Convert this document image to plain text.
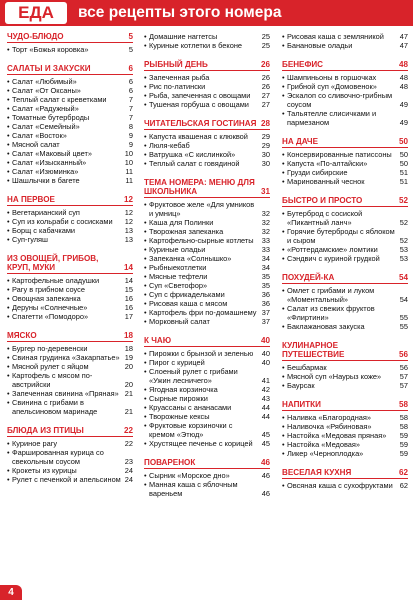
ЕДА	все рецепты этого номера
ЧУДО-БЛЮДО	5
• Торт «Божья коровка»	5
САЛАТЫ И ЗАКУСКИ	6
• Салат «Любимый»	6
• Салат «От Оксаны»	6
• Теплый салат с креветками	7
• Салат «Радужный»	7
• Томатные бутерброды	7
• Салат «Семейный»	8
• Салат «Восток»	9
• Мясной салат	9
• Салат «Маковый цвет»	10
• Салат «Изысканный»	10
• Салат «Изюминка»	11
• Шашлычки в багете	11
НА ПЕРВОЕ	12
• Вегетарианский суп	12
• Суп из кольраби с сосисками	12
• Борщ с кабачками	13
• Суп-гуляш	13
ИЗ ОВОЩЕЙ, ГРИБОВ, КРУП, МУКИ	14
• Картофельные оладушки	14
• Рагу в грибном соусе	15
• Овощная запеканка	16
• Деруны «Солнечные»	16
• Спагетти «Помодоро»	17
МЯСКО	18
• Бургер по-деревенски	18
• Свиная грудинка «Закарпатье» 19
• Мясной рулет с яйцом	20
• Картофель с мясом по-австрийски	20
• Запеченная свинина «Пряная» 21
• Свинина с грибами в апельсиновом маринаде	21
БЛЮДА ИЗ ПТИЦЫ	22
• Куриное рагу	22
• Фаршированная курица со свекольным соусом	23
• Крокеты из курицы	24
• Рулет с печенкой и апельсином 24
• Домашние наггетсы	25
• Куриные котлетки в беконе	25
РЫБНЫЙ ДЕНЬ	26
• Запеченная рыба	26
• Рис по-латински	26
• Рыба, запеченная с овощами	27
• Тушеная горбуша с овощами	27
ЧИТАТЕЛЬСКАЯ ГОСТИНАЯ 28
• Капуста квашеная с клюквой	29
• Люля-кебаб	29
• Ватрушка «С кислинкой»	30
• Теплый салат с говядиной	30
ТЕМА НОМЕРА: МЕНЮ ДЛЯ ШКОЛЬНИКА	31
• Фруктовое желе «Для умников и умниц»	32
• Каша для Полинки	32
• Творожная запеканка	32
• Картофельно-сырные котлеты	33
• Куриные оладьи	33
• Запеканка «Солнышко»	34
• Рыбныекотлетки	34
• Мясные тефтели	35
• Суп «Светофор»	35
• Суп с фрикадельками	36
• Рисовая каша с мясом	36
• Картофель фри по-домашнему 37
• Морковный салат	37
К ЧАЮ	40
• Пирожки с брынзой и зеленью	40
• Пирог с курицей	40
• Слоеный рулет с грибами «Ужин лесничего»	41
• Ягодная корзиночка	42
• Сырные пирожки	43
• Круассаны с ананасами	44
• Творожные кексы	44
• Фруктовые корзиночки с кремом «Этюд»	45
• Хрустящее печенье с корицей	45
ПОВАРЕНОК	46
• Сырник «Морское дно»	46
• Манная каша с яблочным вареньем	46
• Рисовая каша с земляникой	47
• Банановые оладьи	47
БЕНЕФИС	48
• Шампиньоны в горшочках	48
• Грибной суп «Домовенок»	48
• Эскалоп со сливочно-грибным соусом	49
• Тальятелле слисичками и пармезаном	49
НА ДАЧЕ	50
• Консервированные патиссоны	50
• Капуста «По-алтайски»	50
• Грузди сибирские	51
• Маринованный чеснок	51
БЫСТРО И ПРОСТО	52
• Бутерброд с сосиской «Пикантный ланч»	52
• Горячие бутерброды с яблоком и сыром	52
• «Роттердамские» ломтики	53
• Сэндвич с куриной грудкой	53
ПОХУДЕЙ-КА	54
• Омлет с грибами и луком «Моментальный»	54
• Салат из свежих фруктов «Флиртини»	55
• Баклажановая закуска	55
КУЛИНАРНОЕ ПУТЕШЕСТВИЕ	56
• Бешбармак	56
• Мясной суп «Наурыз коже»	57
• Баурсак	57
НАПИТКИ	58
• Наливка «Благородная»	58
• Наливочка «Рябиновая»	58
• Настойка «Медовая пряная»	59
• Настойка «Медовая»	59
• Ликер «Черноплодка»	59
ВЕСЕЛАЯ КУХНЯ	62
• Овсяная каша с сухофруктами 62
4
